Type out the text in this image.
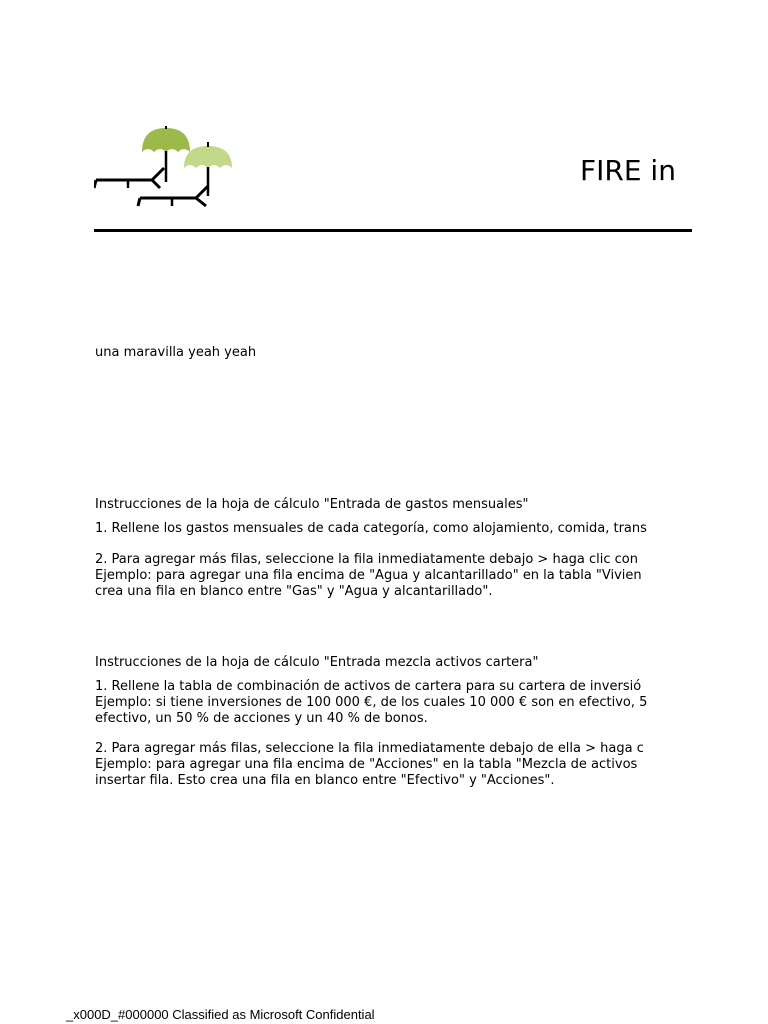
FIRE in
una maravilla yeah yeah
Instrucciones de la hoja de cálculo "Entrada de gastos mensuales"
1. Rellene los gastos mensuales de cada categoría, como alojamiento, comida, trans

2. Para agregar más filas, seleccione la fila inmediatamente debajo > haga clic con

Ejemplo: para agregar una fila encima de "Agua y alcantarillado" en la tabla "Vivien

crea una fila en blanco entre "Gas" y "Agua y alcantarillado".

Instrucciones de la hoja de cálculo "Entrada mezcla activos cartera"

1. Rellene la tabla de combinación de activos de cartera para su cartera de inversió

Ejemplo: si tiene inversiones de 100 000 €, de los cuales 10 000 € son en efectivo, 5

efectivo, un 50 % de acciones y un 40 % de bonos.

2. Para agregar más filas, seleccione la fila inmediatamente debajo de ella > haga c

Ejemplo: para agregar una fila encima de "Acciones" en la tabla "Mezcla de activos

insertar fila. Esto crea una fila en blanco entre "Efectivo" y "Acciones".

_x000D_#000000 Classified as Microsoft Confidential
